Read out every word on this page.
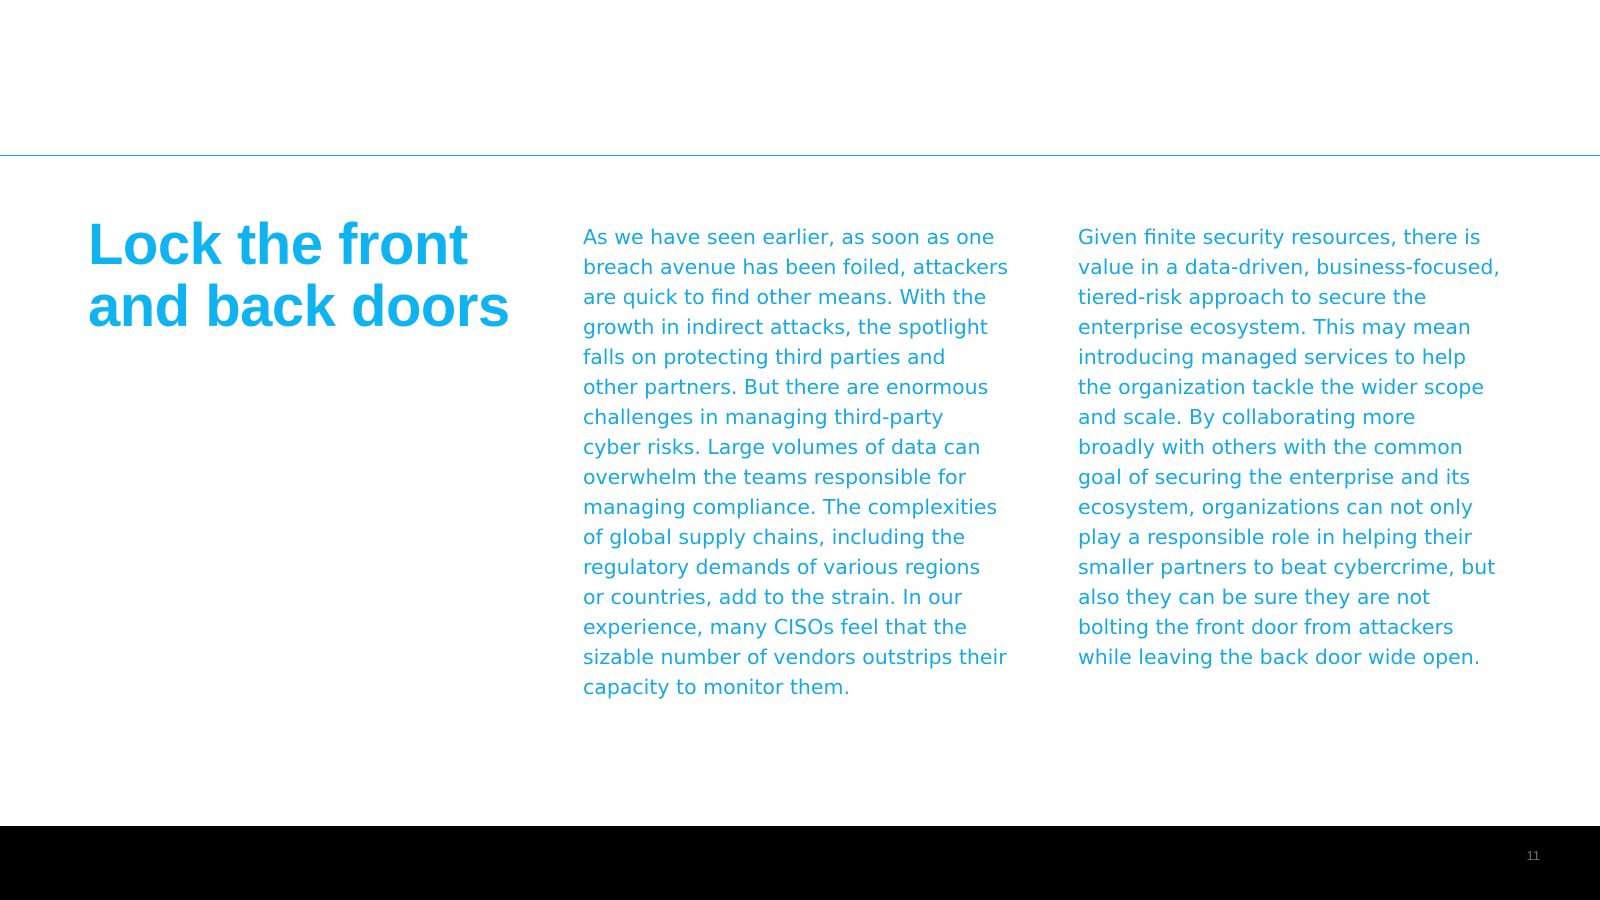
Lock the front
and back doors
As we have seen earlier, as soon as one
breach avenue has been foiled, attackers
are quick to find other means. With the
growth in indirect attacks, the spotlight
falls on protecting third parties and
other partners. But there are enormous
challenges in managing third-party
cyber risks. Large volumes of data can
overwhelm the teams responsible for
managing compliance. The complexities
of global supply chains, including the
regulatory demands of various regions
or countries, add to the strain. In our
experience, many CISOs feel that the
sizable number of vendors outstrips their
capacity to monitor them.
Given finite security resources, there is
value in a data-driven, business-focused,
tiered-risk approach to secure the
enterprise ecosystem. This may mean
introducing managed services to help
the organization tackle the wider scope
and scale. By collaborating more
broadly with others with the common
goal of securing the enterprise and its
ecosystem, organizations can not only
play a responsible role in helping their
smaller partners to beat cybercrime, but
also they can be sure they are not
bolting the front door from attackers
while leaving the back door wide open.
11
